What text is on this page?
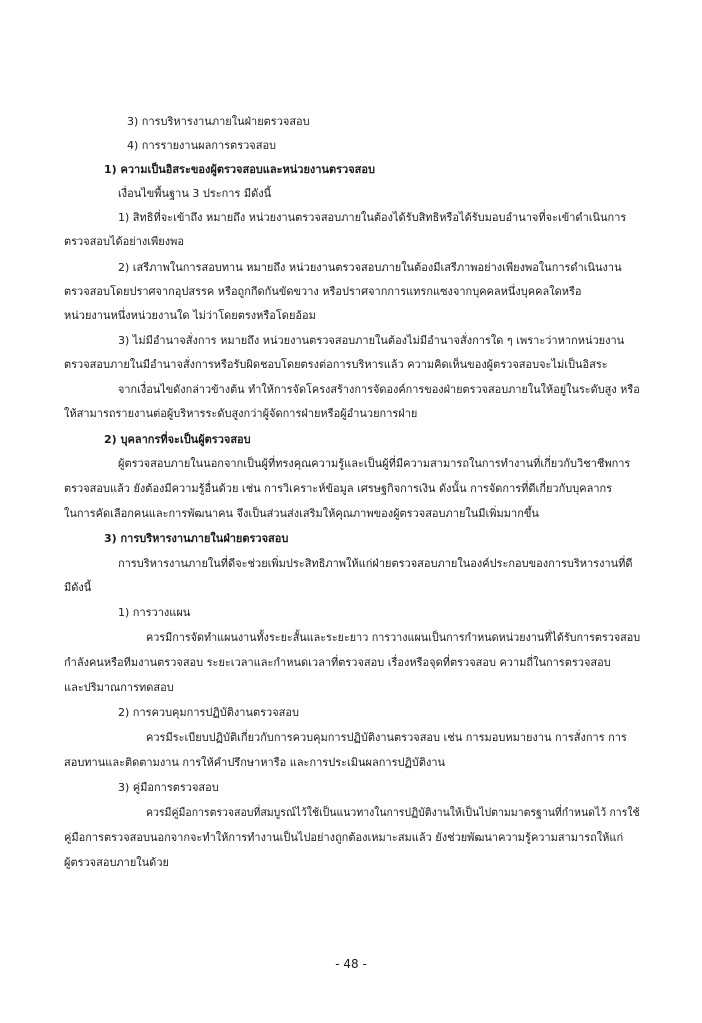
3) การบริหารงานภายในฝ่ายตรวจสอบ
4) การรายงานผลการตรวจสอบ
1) ความเป็นอิสระของผู้ตรวจสอบและหน่วยงานตรวจสอบ
เงื่อนไขพื้นฐาน 3 ประการ มีดังนี้
1) สิทธิที่จะเข้าถึง หมายถึง หน่วยงานตรวจสอบภายในต้องได้รับสิทธิหรือได้รับมอบอำนาจที่จะเข้าดำเนินการ
ตรวจสอบได้อย่างเพียงพอ
2) เสรีภาพในการสอบทาน หมายถึง หน่วยงานตรวจสอบภายในต้องมีเสรีภาพอย่างเพียงพอในการดำเนินงาน
ตรวจสอบโดยปราศจากอุปสรรค หรือถูกกีดกันขัดขวาง หรือปราศจากการแทรกแซงจากบุคคลหนึ่งบุคคลใดหรือ
หน่วยงานหนึ่งหน่วยงานใด ไม่ว่าโดยตรงหรือโดยอ้อม
3) ไม่มีอำนาจสั่งการ หมายถึง หน่วยงานตรวจสอบภายในต้องไม่มีอำนาจสั่งการใด ๆ เพราะว่าหากหน่วยงาน
ตรวจสอบภายในมีอำนาจสั่งการหรือรับผิดชอบโดยตรงต่อการบริหารแล้ว ความคิดเห็นของผู้ตรวจสอบจะไม่เป็นอิสระ
จากเงื่อนไขดังกล่าวข้างต้น ทำให้การจัดโครงสร้างการจัดองค์การของฝ่ายตรวจสอบภายในให้อยู่ในระดับสูง หรือ
ให้สามารถรายงานต่อผู้บริหารระดับสูงกว่าผู้จัดการฝ่ายหรือผู้อำนวยการฝ่าย
2) บุคลากรที่จะเป็นผู้ตรวจสอบ
ผู้ตรวจสอบภายในนอกจากเป็นผู้ที่ทรงคุณความรู้และเป็นผู้ที่มีความสามารถในการทำงานที่เกี่ยวกับวิชาชีพการ
ตรวจสอบแล้ว ยังต้องมีความรู้อื่นด้วย เช่น การวิเคราะห์ข้อมูล เศรษฐกิจการเงิน ดังนั้น การจัดการที่ดีเกี่ยวกับบุคลากร
ในการคัดเลือกคนและการพัฒนาคน จึงเป็นส่วนส่งเสริมให้คุณภาพของผู้ตรวจสอบภายในมีเพิ่มมากขึ้น
3) การบริหารงานภายในฝ่ายตรวจสอบ
การบริหารงานภายในที่ดีจะช่วยเพิ่มประสิทธิภาพให้แก่ฝ่ายตรวจสอบภายในองค์ประกอบของการบริหารงานที่ดี
มีดังนี้
1) การวางแผน
ควรมีการจัดทำแผนงานทั้งระยะสั้นและระยะยาว การวางแผนเป็นการกำหนดหน่วยงานที่ได้รับการตรวจสอบ
กำลังคนหรือทีมงานตรวจสอบ ระยะเวลาและกำหนดเวลาที่ตรวจสอบ เรื่องหรือจุดที่ตรวจสอบ ความถี่ในการตรวจสอบ
และปริมาณการทดสอบ
2) การควบคุมการปฏิบัติงานตรวจสอบ
ควรมีระเบียบปฏิบัติเกี่ยวกับการควบคุมการปฏิบัติงานตรวจสอบ เช่น การมอบหมายงาน การสั่งการ การ
สอบทานและติดตามงาน การให้คำปรึกษาหารือ และการประเมินผลการปฏิบัติงาน
3) คู่มือการตรวจสอบ
ควรมีคู่มือการตรวจสอบที่สมบูรณ์ไว้ใช้เป็นแนวทางในการปฏิบัติงานให้เป็นไปตามมาตรฐานที่กำหนดไว้ การใช้
คู่มือการตรวจสอบนอกจากจะทำให้การทำงานเป็นไปอย่างถูกต้องเหมาะสมแล้ว ยังช่วยพัฒนาความรู้ความสามารถให้แก่
ผู้ตรวจสอบภายในด้วย
- 48 -
